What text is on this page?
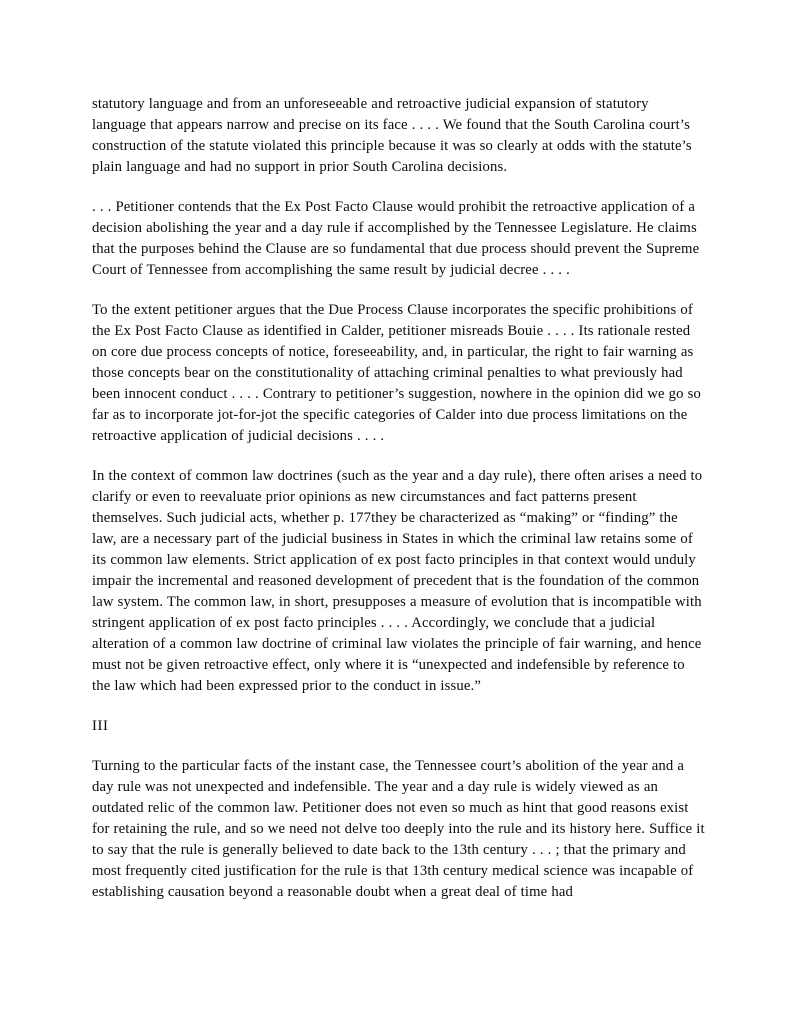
statutory language and from an unforeseeable and retroactive judicial expansion of statutory language that appears narrow and precise on its face . . . . We found that the South Carolina court’s construction of the statute violated this principle because it was so clearly at odds with the statute’s plain language and had no support in prior South Carolina decisions.

. . . Petitioner contends that the Ex Post Facto Clause would prohibit the retroactive application of a decision abolishing the year and a day rule if accomplished by the Tennessee Legislature. He claims that the purposes behind the Clause are so fundamental that due process should prevent the Supreme Court of Tennessee from accomplishing the same result by judicial decree . . . .

To the extent petitioner argues that the Due Process Clause incorporates the specific prohibitions of the Ex Post Facto Clause as identified in Calder, petitioner misreads Bouie . . . . Its rationale rested on core due process concepts of notice, foreseeability, and, in particular, the right to fair warning as those concepts bear on the constitutionality of attaching criminal penalties to what previously had been innocent conduct . . . . Contrary to petitioner’s suggestion, nowhere in the opinion did we go so far as to incorporate jot-for-jot the specific categories of Calder into due process limitations on the retroactive application of judicial decisions . . . .

In the context of common law doctrines (such as the year and a day rule), there often arises a need to clarify or even to reevaluate prior opinions as new circumstances and fact patterns present themselves. Such judicial acts, whether p. 177they be characterized as “making” or “finding” the law, are a necessary part of the judicial business in States in which the criminal law retains some of its common law elements. Strict application of ex post facto principles in that context would unduly impair the incremental and reasoned development of precedent that is the foundation of the common law system. The common law, in short, presupposes a measure of evolution that is incompatible with stringent application of ex post facto principles . . . . Accordingly, we conclude that a judicial alteration of a common law doctrine of criminal law violates the principle of fair warning, and hence must not be given retroactive effect, only where it is “unexpected and indefensible by reference to the law which had been expressed prior to the conduct in issue.”

III

Turning to the particular facts of the instant case, the Tennessee court’s abolition of the year and a day rule was not unexpected and indefensible. The year and a day rule is widely viewed as an outdated relic of the common law. Petitioner does not even so much as hint that good reasons exist for retaining the rule, and so we need not delve too deeply into the rule and its history here. Suffice it to say that the rule is generally believed to date back to the 13th century . . . ; that the primary and most frequently cited justification for the rule is that 13th century medical science was incapable of establishing causation beyond a reasonable doubt when a great deal of time had
